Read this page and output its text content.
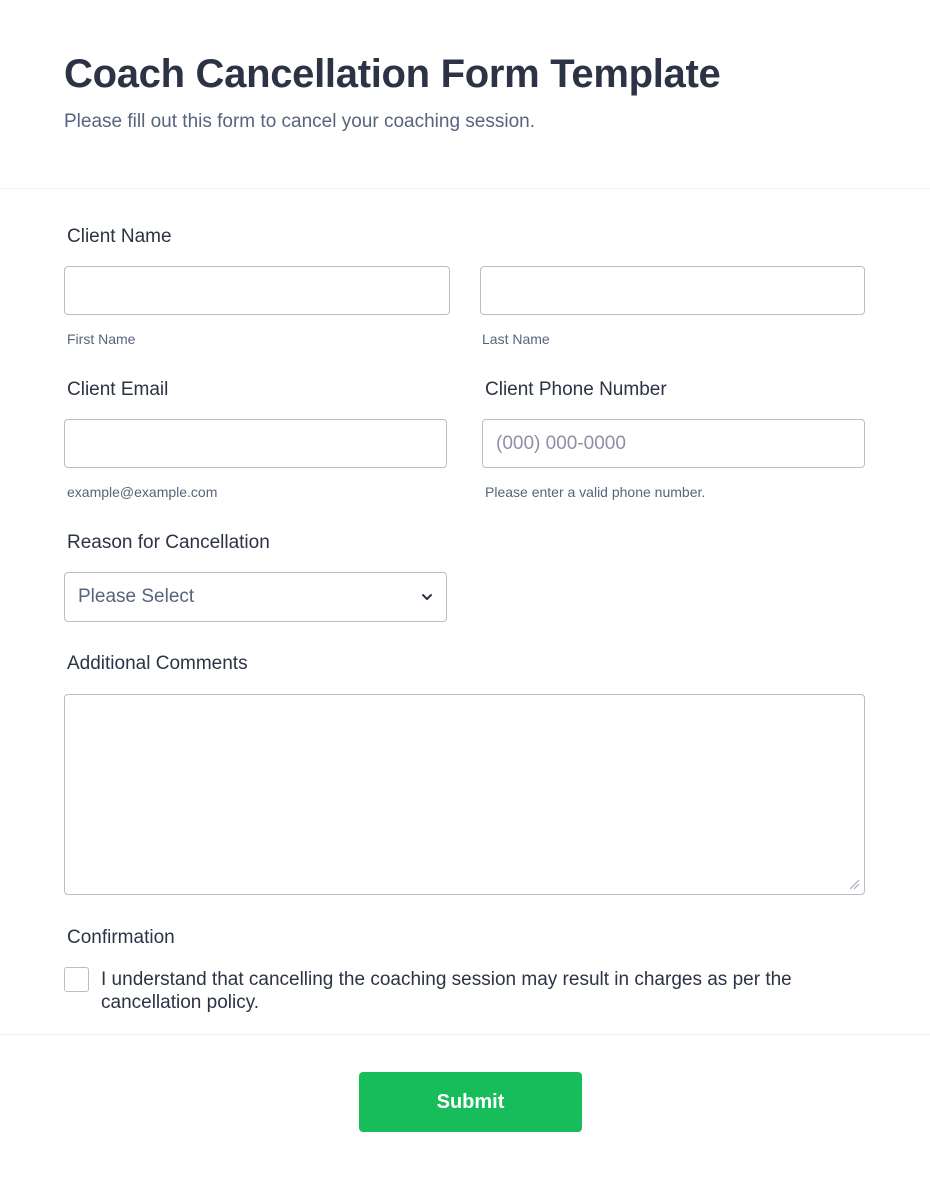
Coach Cancellation Form Template

Please fill out this form to cancel your coaching session.

Client Name
First Name	Last Name
Client Email
example@example.com
Client Phone Number
(000) 000-0000
Please enter a valid phone number.
Reason for Cancellation
Please Select
Additional Comments
Confirmation
I understand that cancelling the coaching session may result in charges as per the cancellation policy.
Submit
